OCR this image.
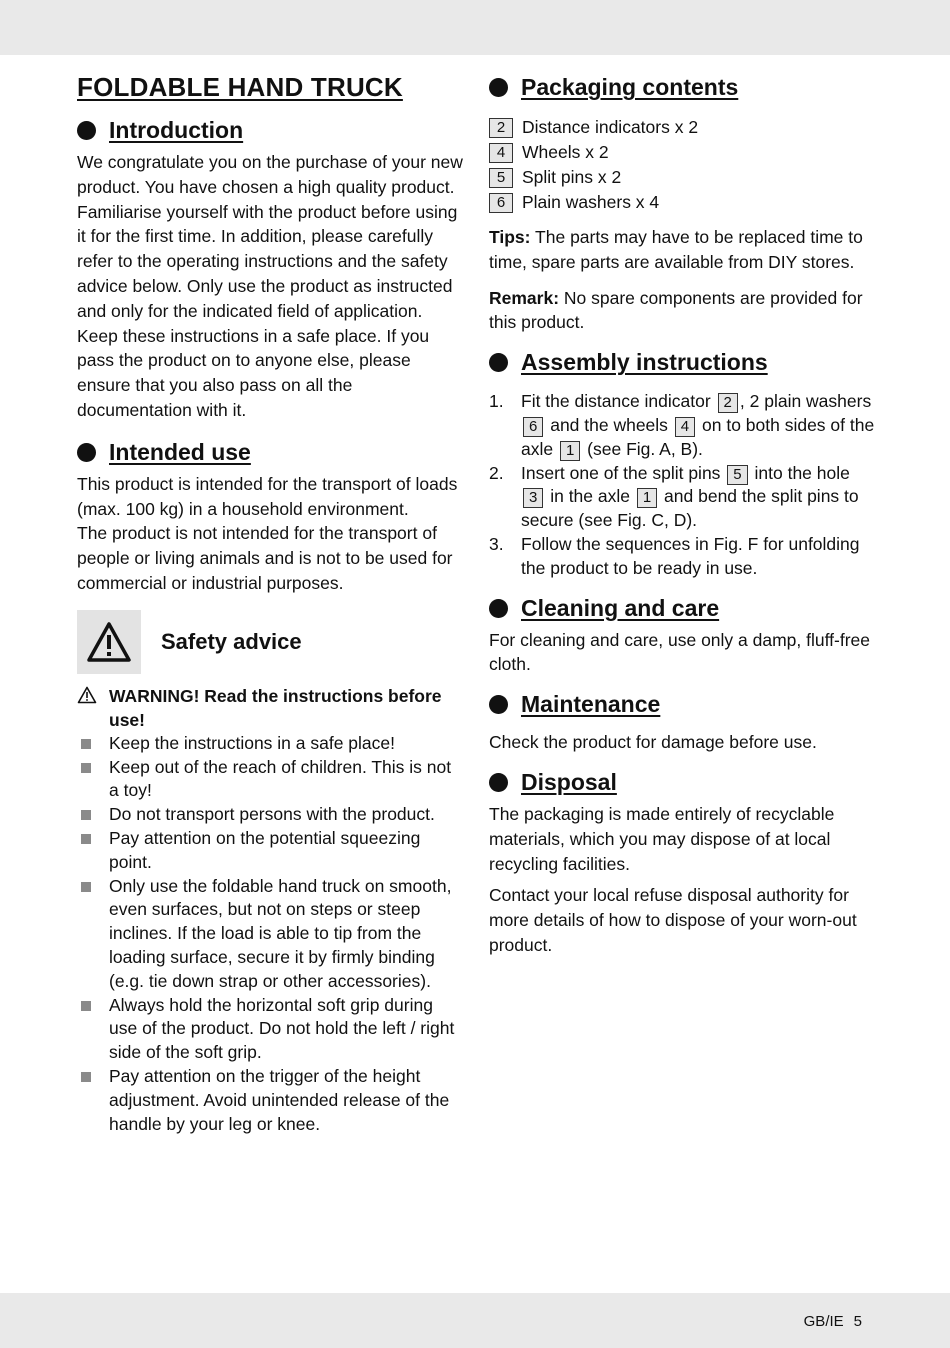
FOLDABLE HAND TRUCK
Introduction

We congratulate you on the purchase of your new product. You have chosen a high quality product. Familiarise yourself with the product before using it for the first time. In addition, please carefully refer to the operating instructions and the safety advice below. Only use the product as instructed and only for the indicated field of application. Keep these instructions in a safe place. If you pass the product on to anyone else, please ensure that you also pass on all the documentation with it.

Intended use

This product is intended for the transport of loads (max. 100 kg) in a household environment.

The product is not intended for the transport of people or living animals and is not to be used for commercial or industrial purposes.

Safety advice
WARNING! Read the instructions before use!
Keep the instructions in a safe place!
Keep out of the reach of children. This is not a toy!
Do not transport persons with the product.
Pay attention on the potential squeezing point.
Only use the foldable hand truck on smooth, even surfaces, but not on steps or steep inclines. If the load is able to tip from the loading surface, secure it by firmly binding (e.g. tie down strap or other accessories).
Always hold the horizontal soft grip during use of the product. Do not hold the left / right side of the soft grip.
Pay attention on the trigger of the height adjustment. Avoid unintended release of the handle by your leg or knee.
Packaging contents
2 Distance indicators x 2
4 Wheels x 2
5 Split pins x 2
6 Plain washers x 4

Tips: The parts may have to be replaced time to time, spare parts are available from DIY stores.

Remark: No spare components are provided for this product.

Assembly instructions
1. Fit the distance indicator 2 , 2 plain washers 6 and the wheels 4 on to both sides of the axle 1 (see Fig. A, B).
2. Insert one of the split pins 5 into the hole 3 in the axle 1 and bend the split pins to secure (see Fig. C, D).
3. Follow the sequences in Fig. F for unfolding the product to be ready in use.
Cleaning and care

For cleaning and care, use only a damp, fluff-free cloth.

Maintenance

Check the product for damage before use.

Disposal

The packaging is made entirely of recyclable materials, which you may dispose of at local recycling facilities.

Contact your local refuse disposal authority for more details of how to dispose of your worn-out product.

GB/IE 5
